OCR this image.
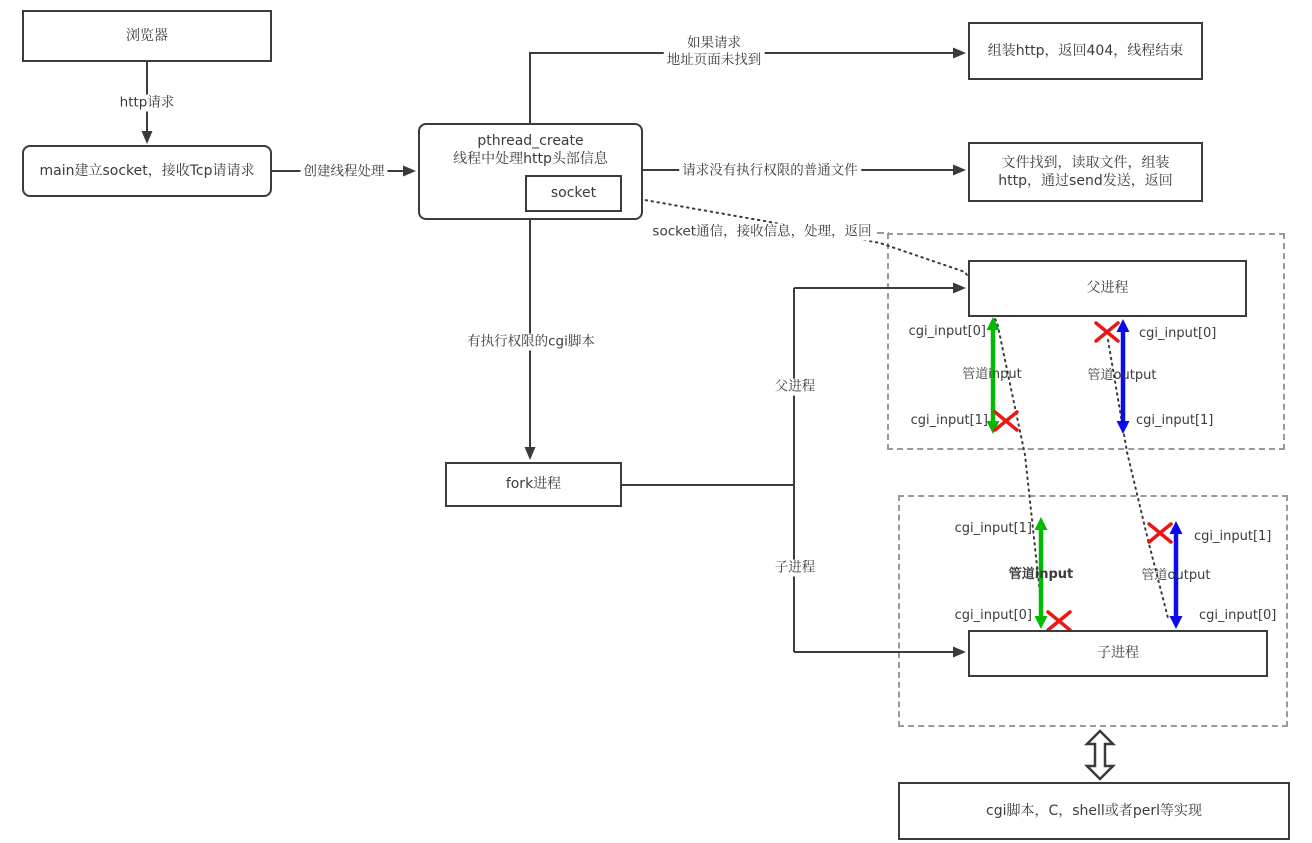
浏览器
main建立socket，接收Tcp请请求
pthread_create
线程中处理http头部信息
socket
组装http，返回404，线程结束
文件找到，读取文件，组装
http，通过send发送，返回
fork进程
父进程
子进程
cgi脚本，C，shell或者perl等实现
http请求
创建线程处理
如果请求
地址页面未找到
请求没有执行权限的普通文件
有执行权限的cgi脚本
socket通信，接收信息，处理，返回
父进程
子进程
cgi_input[0]
管道input
cgi_input[1]
cgi_input[0]
管道output
cgi_input[1]
cgi_input[1]
管道input
cgi_input[0]
cgi_input[1]
管道output
cgi_input[0]
